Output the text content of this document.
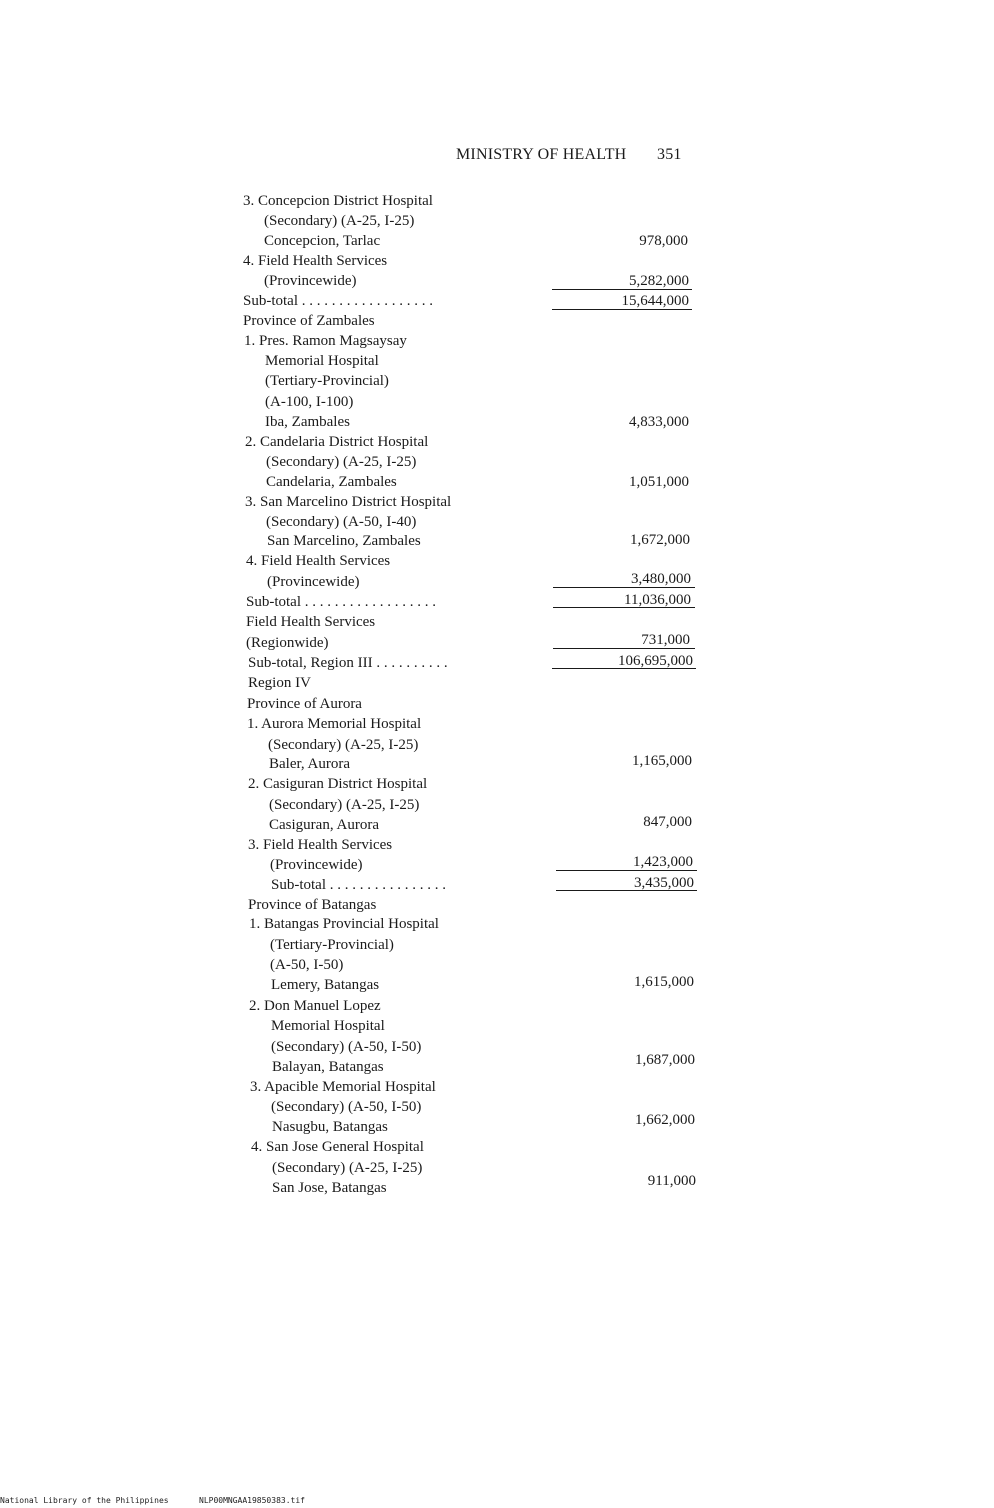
MINISTRY OF HEALTH 351
3. Concepcion District Hospital
(Secondary) (A-25, I-25)
Concepcion, Tarlac	978,000
4. Field Health Services
(Provincewide)	5,282,000
Sub-total . . . . . . . . . . . . . . . . . .	15,644,000
Province of Zambales
1. Pres. Ramon Magsaysay
Memorial Hospital
(Tertiary-Provincial)
(A-100, I-100)
Iba, Zambales	4,833,000
2. Candelaria District Hospital
(Secondary) (A-25, I-25)
Candelaria, Zambales	1,051,000
3. San Marcelino District Hospital
(Secondary) (A-50, I-40)
San Marcelino, Zambales	1,672,000
4. Field Health Services
(Provincewide)	3,480,000
Sub-total . . . . . . . . . . . . . . . . . .	11,036,000
Field Health Services
(Regionwide)	731,000
Sub-total, Region III . . . . . . . . . .	106,695,000
Region IV
Province of Aurora
1. Aurora Memorial Hospital
(Secondary) (A-25, I-25)
Baler, Aurora	1,165,000
2. Casiguran District Hospital
(Secondary) (A-25, I-25)
Casiguran, Aurora	847,000
3. Field Health Services
(Provincewide)	1,423,000
Sub-total . . . . . . . . . . . . . . . .	3,435,000
Province of Batangas
1. Batangas Provincial Hospital
(Tertiary-Provincial)
(A-50, I-50)
Lemery, Batangas	1,615,000
2. Don Manuel Lopez
Memorial Hospital
(Secondary) (A-50, I-50)
Balayan, Batangas	1,687,000
3. Apacible Memorial Hospital
(Secondary) (A-50, I-50)
Nasugbu, Batangas	1,662,000
4. San Jose General Hospital
(Secondary) (A-25, I-25)
San Jose, Batangas	911,000
National Library of the Philippines	NLP00MNGAA19850383.tif
